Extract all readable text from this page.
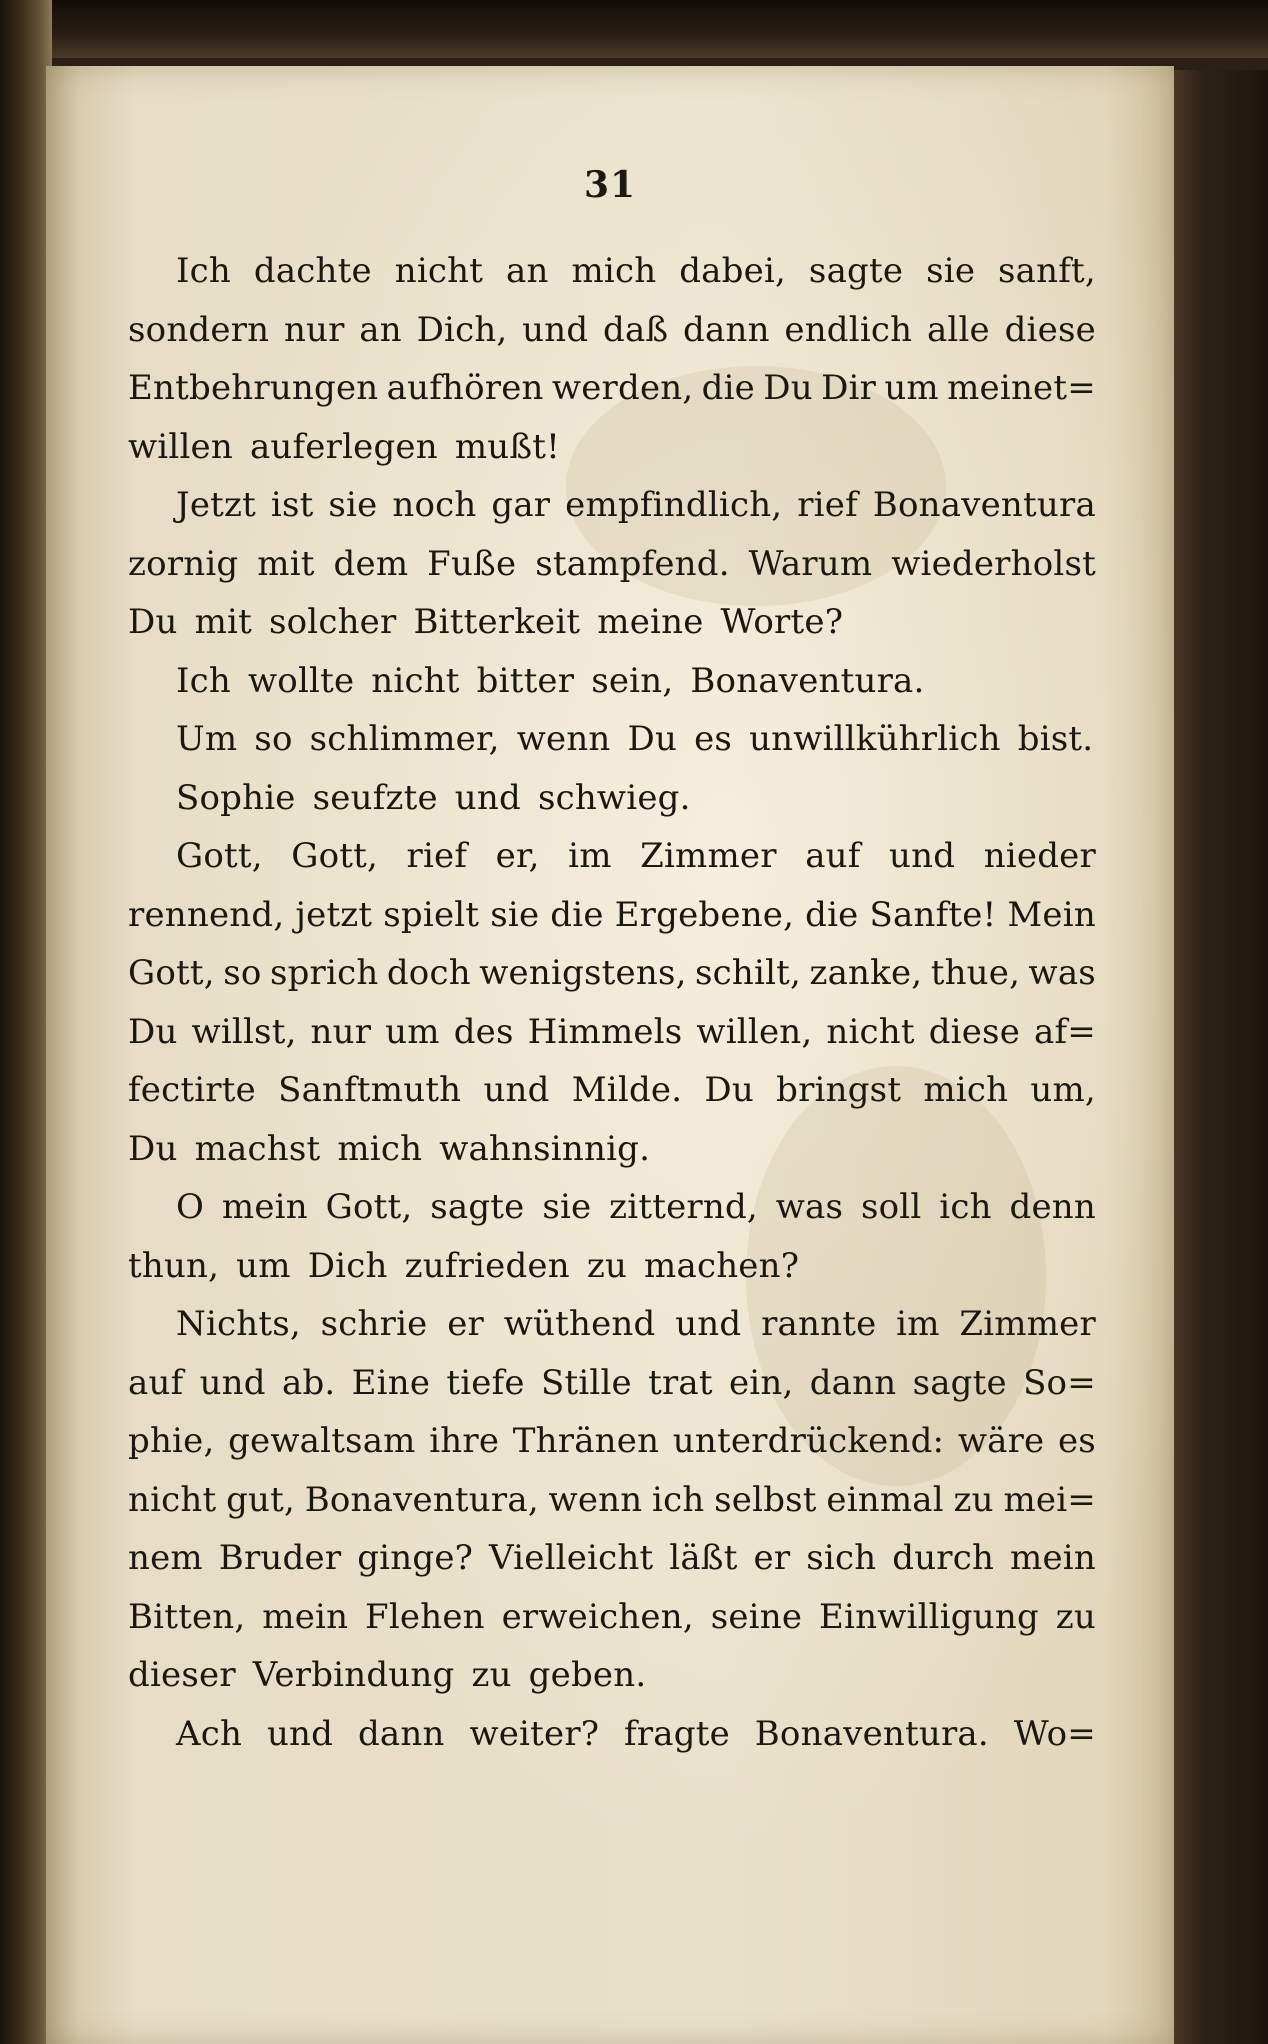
31
Ich dachte nicht an mich dabei, sagte sie sanft,
sondern nur an Dich, und daß dann endlich alle diese
Entbehrungen aufhören werden, die Du Dir um meinet=
willen auferlegen mußt!
Jetzt ist sie noch gar empfindlich, rief Bonaventura
zornig mit dem Fuße stampfend. Warum wiederholst
Du mit solcher Bitterkeit meine Worte?
Ich wollte nicht bitter sein, Bonaventura.
Um so schlimmer, wenn Du es unwillkührlich bist.
Sophie seufzte und schwieg.
Gott, Gott, rief er, im Zimmer auf und nieder
rennend, jetzt spielt sie die Ergebene, die Sanfte! Mein
Gott, so sprich doch wenigstens, schilt, zanke, thue, was
Du willst, nur um des Himmels willen, nicht diese af=
fectirte Sanftmuth und Milde. Du bringst mich um,
Du machst mich wahnsinnig.
O mein Gott, sagte sie zitternd, was soll ich denn
thun, um Dich zufrieden zu machen?
Nichts, schrie er wüthend und rannte im Zimmer
auf und ab. Eine tiefe Stille trat ein, dann sagte So=
phie, gewaltsam ihre Thränen unterdrückend: wäre es
nicht gut, Bonaventura, wenn ich selbst einmal zu mei=
nem Bruder ginge? Vielleicht läßt er sich durch mein
Bitten, mein Flehen erweichen, seine Einwilligung zu
dieser Verbindung zu geben.
Ach und dann weiter? fragte Bonaventura. Wo=
